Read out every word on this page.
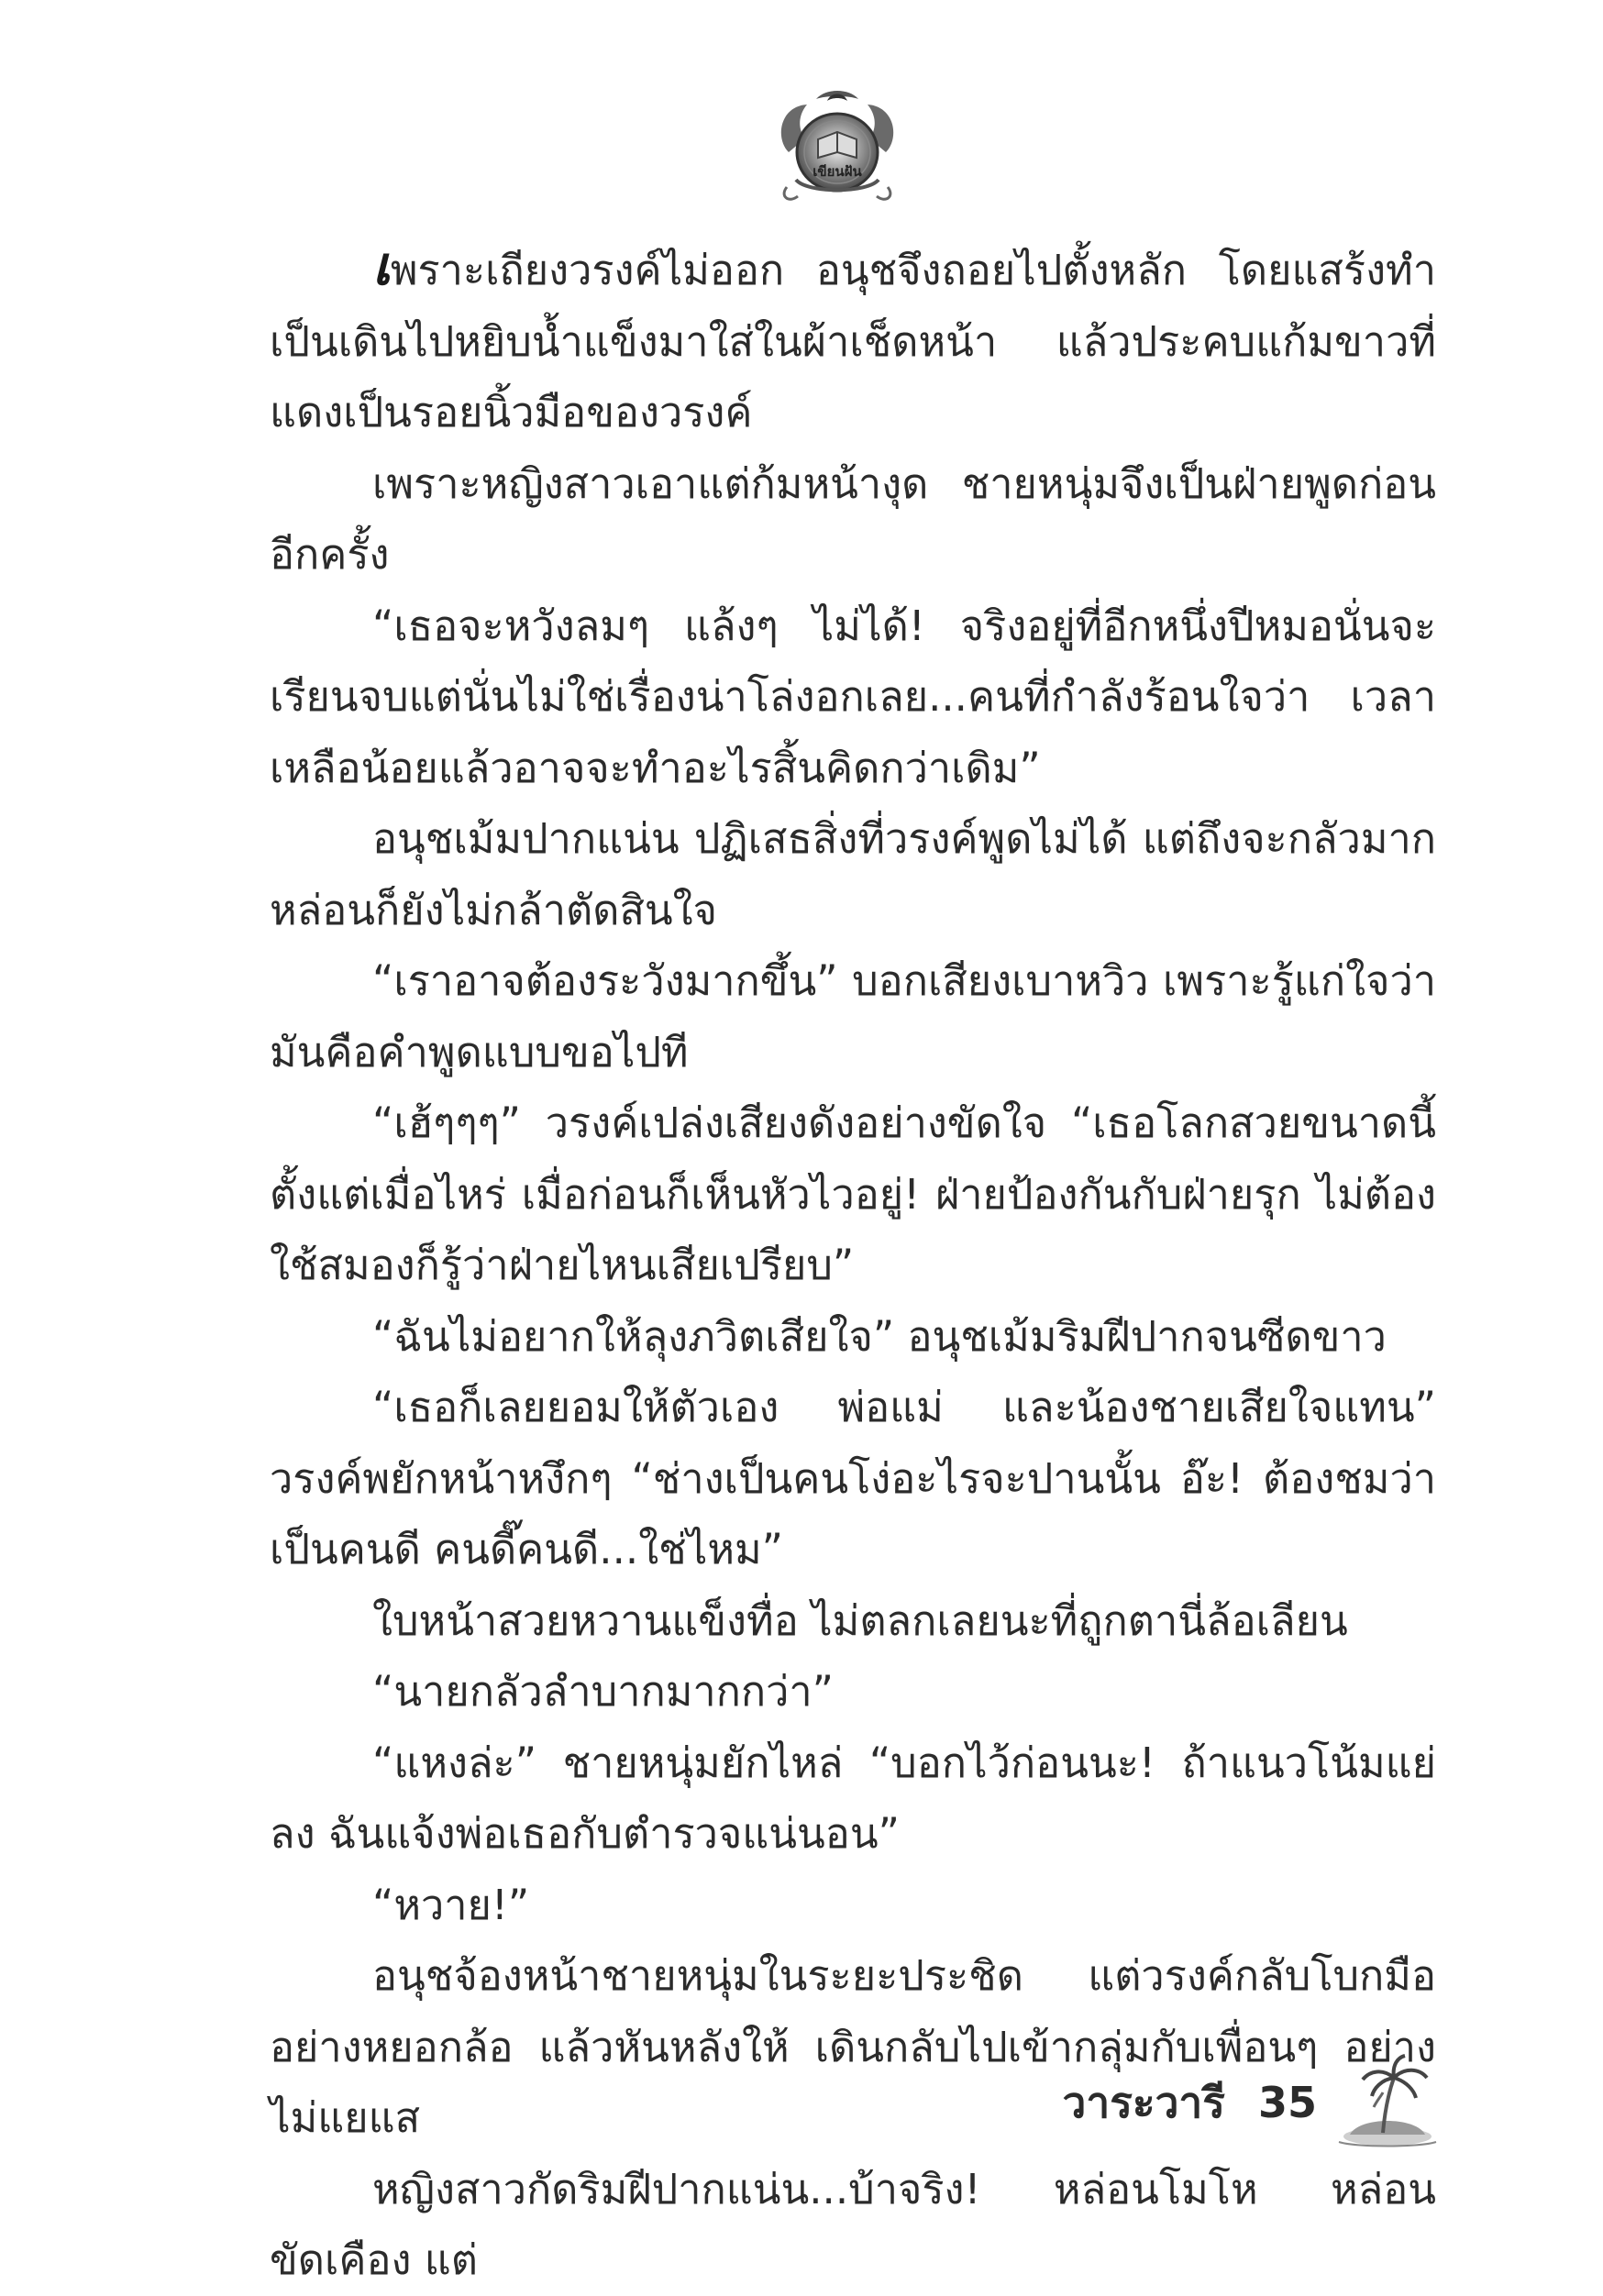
เขียนฝัน

เพราะเถียงวรงค์ไม่ออก อนุชจึงถอยไปตั้งหลัก โดยแสร้งทำเป็นเดินไปหยิบน้ำแข็งมาใส่ในผ้าเช็ดหน้า แล้วประคบแก้มขาวที่แดงเป็นรอยนิ้วมือของวรงค์

เพราะหญิงสาวเอาแต่ก้มหน้างุด ชายหนุ่มจึงเป็นฝ่ายพูดก่อนอีกครั้ง

“เธอจะหวังลมๆ แล้งๆ ไม่ได้! จริงอยู่ที่อีกหนึ่งปีหมอนั่นจะเรียนจบแต่นั่นไม่ใช่เรื่องน่าโล่งอกเลย...คนที่กำลังร้อนใจว่า เวลาเหลือน้อยแล้วอาจจะทำอะไรสิ้นคิดกว่าเดิม”

อนุชเม้มปากแน่น ปฏิเสธสิ่งที่วรงค์พูดไม่ได้ แต่ถึงจะกลัวมากหล่อนก็ยังไม่กล้าตัดสินใจ

“เราอาจต้องระวังมากขึ้น” บอกเสียงเบาหวิว เพราะรู้แก่ใจว่า มันคือคำพูดแบบขอไปที

“เฮ้ๆๆๆ” วรงค์เปล่งเสียงดังอย่างขัดใจ “เธอโลกสวยขนาดนี้ตั้งแต่เมื่อไหร่ เมื่อก่อนก็เห็นหัวไวอยู่! ฝ่ายป้องกันกับฝ่ายรุก ไม่ต้องใช้สมองก็รู้ว่าฝ่ายไหนเสียเปรียบ”

“ฉันไม่อยากให้ลุงภวิตเสียใจ” อนุชเม้มริมฝีปากจนซีดขาว

“เธอก็เลยยอมให้ตัวเอง พ่อแม่ และน้องชายเสียใจแทน” วรงค์พยักหน้าหงึกๆ “ช่างเป็นคนโง่อะไรจะปานนั้น อ๊ะ! ต้องชมว่าเป็นคนดี คนดี๊คนดี...ใช่ไหม”

ใบหน้าสวยหวานแข็งทื่อ ไม่ตลกเลยนะที่ถูกตานี่ล้อเลียน

“นายกลัวลำบากมากกว่า”

“แหงล่ะ” ชายหนุ่มยักไหล่ “บอกไว้ก่อนนะ! ถ้าแนวโน้มแย่ลง ฉันแจ้งพ่อเธอกับตำรวจแน่นอน”

“หวาย!”

อนุชจ้องหน้าชายหนุ่มในระยะประชิด แต่วรงค์กลับโบกมืออย่างหยอกล้อ แล้วหันหลังให้ เดินกลับไปเข้ากลุ่มกับเพื่อนๆ อย่างไม่แยแส

หญิงสาวกัดริมฝีปากแน่น...บ้าจริง! หล่อนโมโห หล่อนขัดเคือง แต่

วาระวารี 35
